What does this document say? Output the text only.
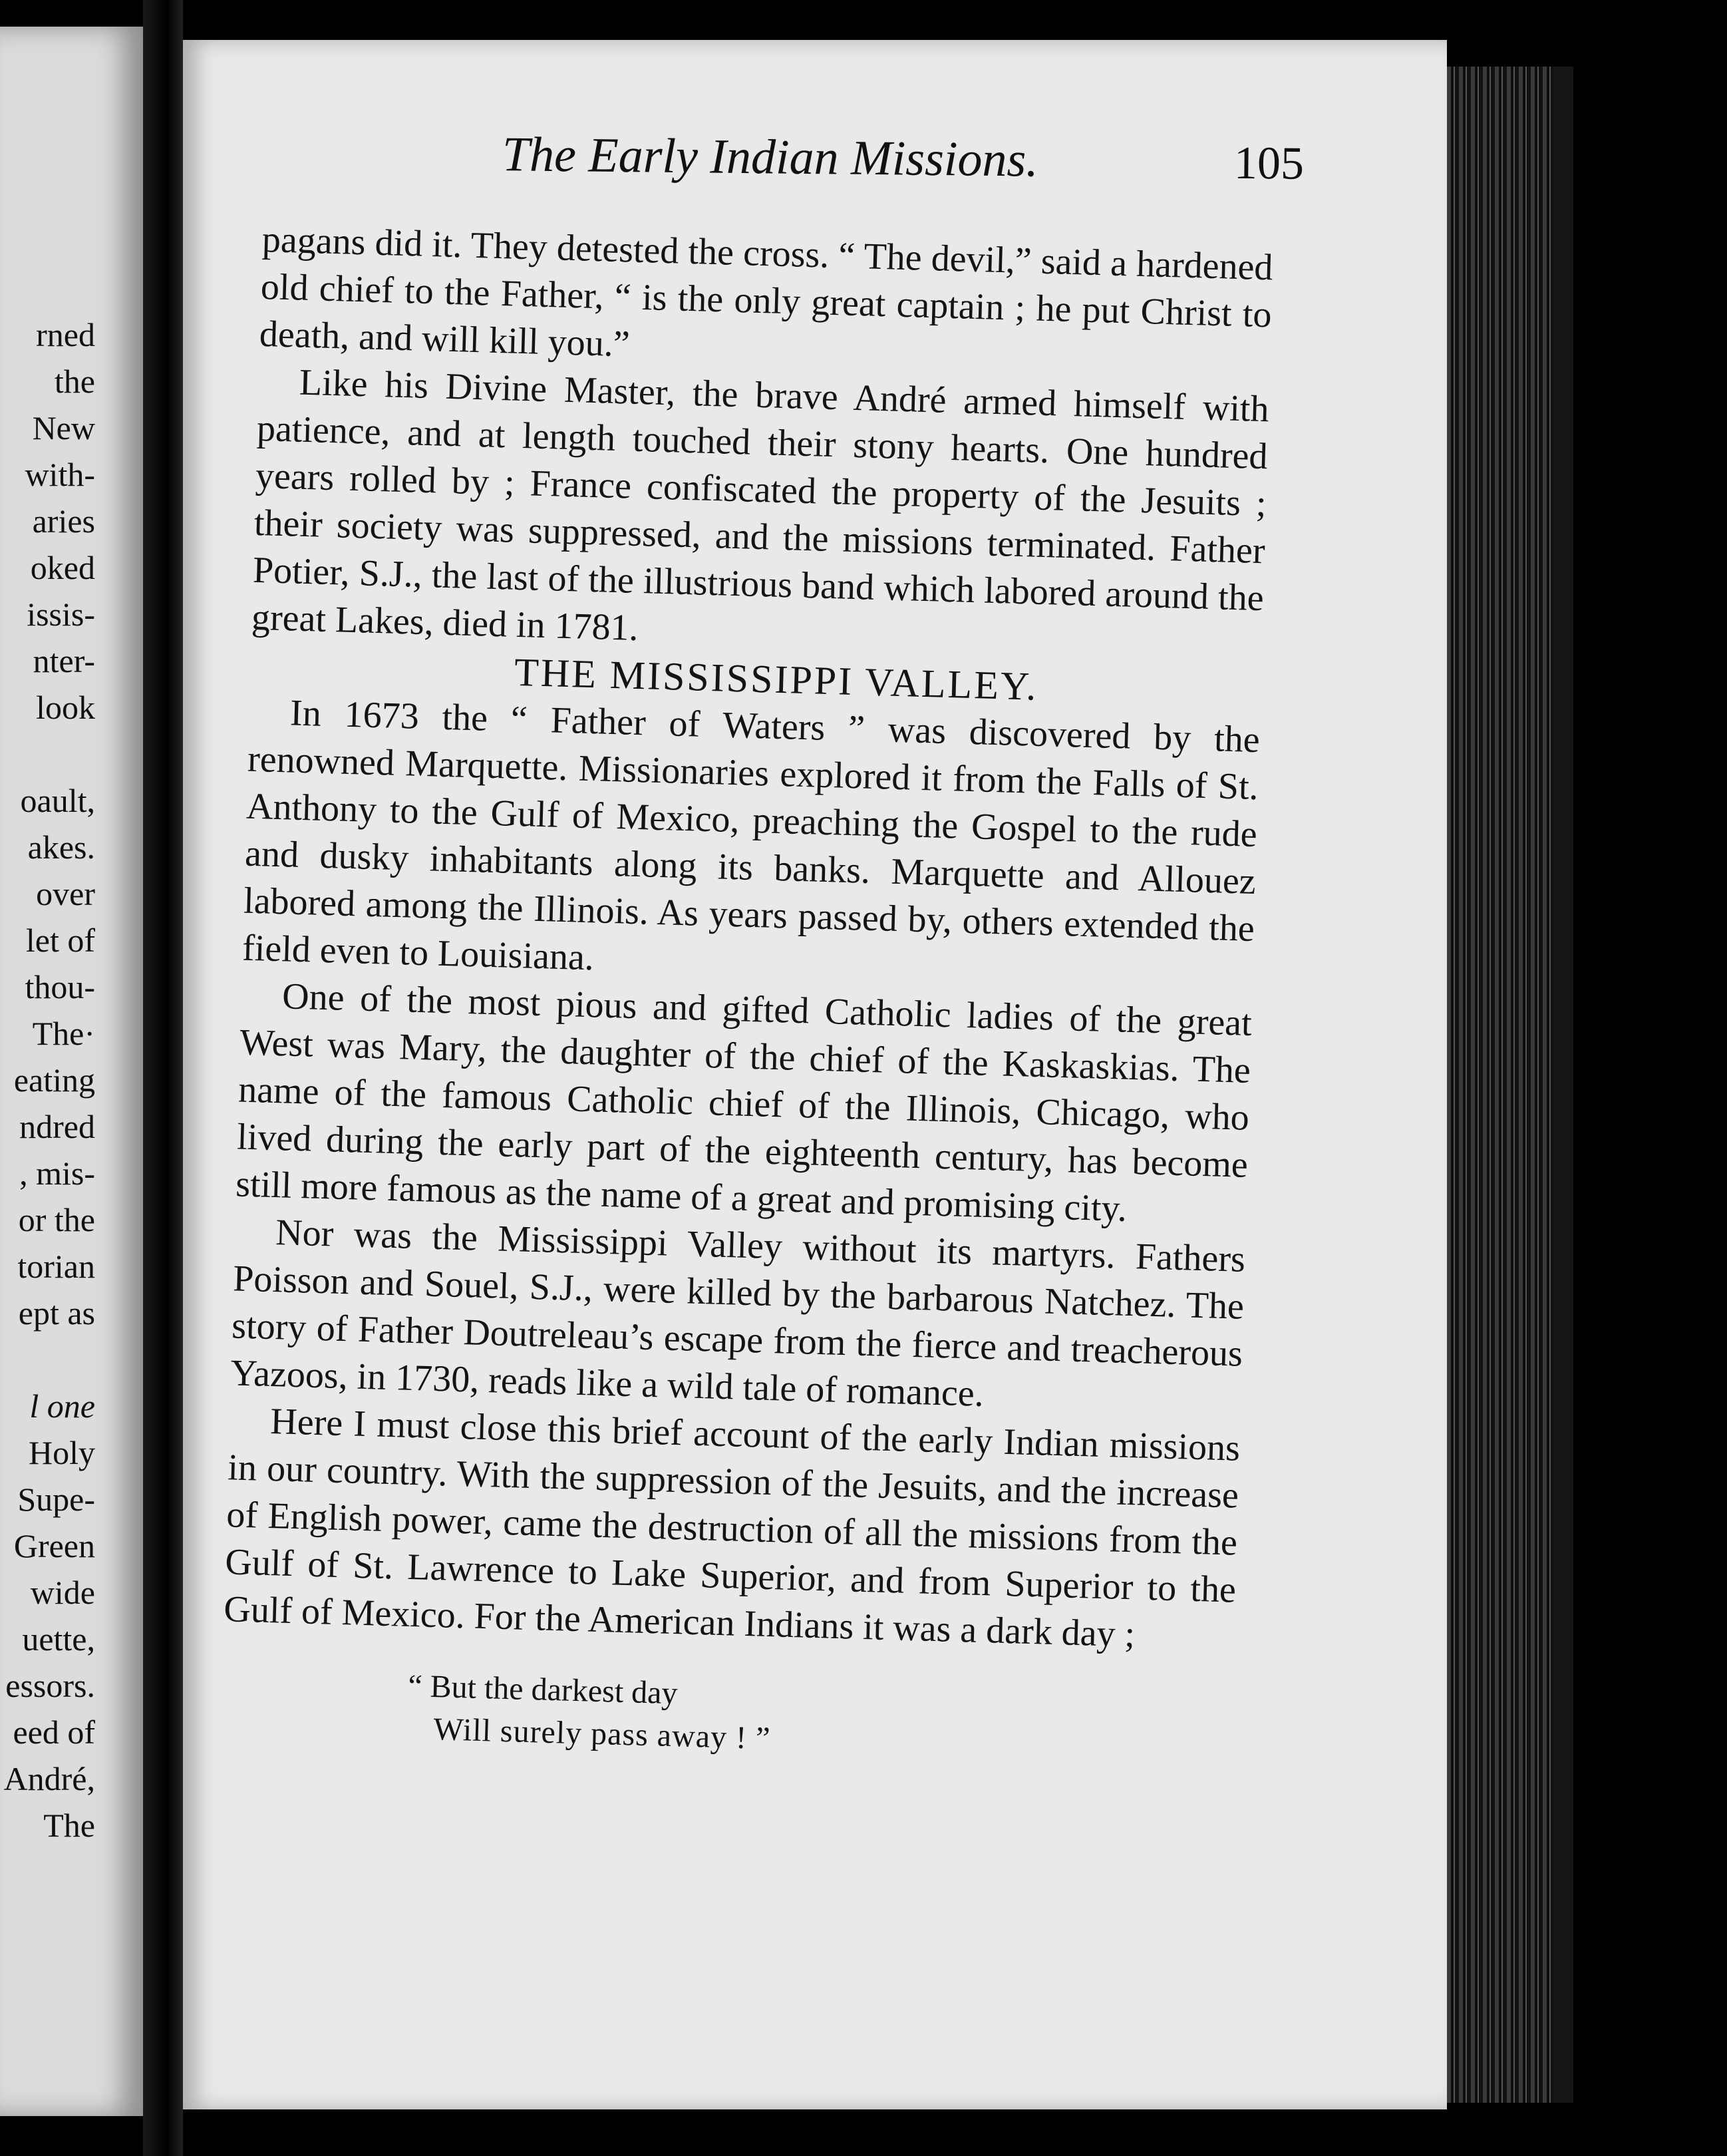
rned
the
New
with-
aries
oked
issis-
nter-
look
oault,
akes.
over
let of
thou-
The·
eating
ndred
, mis-
or the
torian
ept as
l one
Holy
Supe-
Green
wide
uette,
essors.
eed of
André,
The
The Early Indian Missions.	105

pagans did it. They detested the cross. “ The devil,” said a hardened old chief to the Father, “ is the only great captain ; he put Christ to death, and will kill you.”

Like his Divine Master, the brave André armed himself with patience, and at length touched their stony hearts. One hundred years rolled by ; France confiscated the property of the Jesuits ; their society was suppressed, and the missions terminated. Father Potier, S.J., the last of the illustrious band which labored around the great Lakes, died in 1781.

THE MISSISSIPPI VALLEY.

In 1673 the “ Father of Waters ” was discovered by the renowned Marquette. Missionaries explored it from the Falls of St. Anthony to the Gulf of Mexico, preaching the Gospel to the rude and dusky inhabitants along its banks. Marquette and Allouez labored among the Illinois. As years passed by, others extended the field even to Louisiana.

One of the most pious and gifted Catholic ladies of the great West was Mary, the daughter of the chief of the Kaskaskias. The name of the famous Catholic chief of the Illinois, Chicago, who lived during the early part of the eighteenth century, has become still more famous as the name of a great and promising city.

Nor was the Mississippi Valley without its martyrs. Fathers Poisson and Souel, S.J., were killed by the barbarous Natchez. The story of Father Doutreleau’s escape from the fierce and treacherous Yazoos, in 1730, reads like a wild tale of romance.

Here I must close this brief account of the early Indian missions in our country. With the suppression of the Jesuits, and the increase of English power, came the destruction of all the missions from the Gulf of St. Lawrence to Lake Superior, and from Superior to the Gulf of Mexico. For the American Indians it was a dark day ;

“ But the darkest day
Will surely pass away ! ”
